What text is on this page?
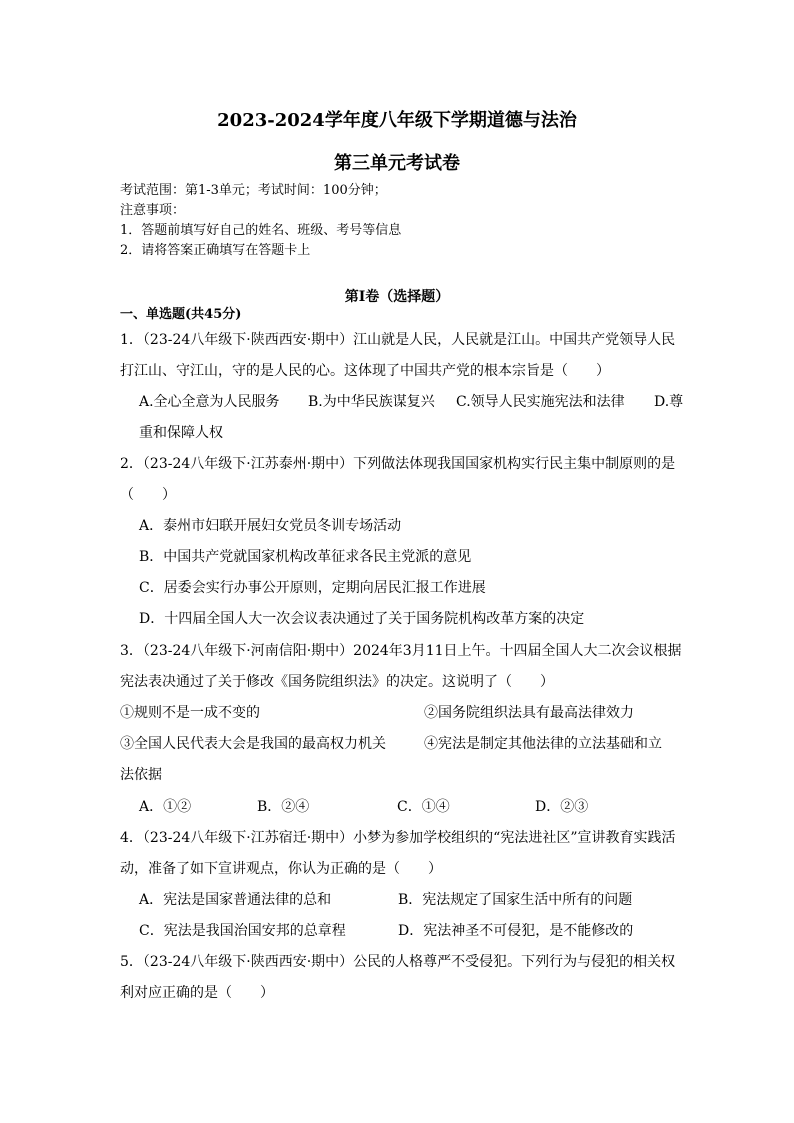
2023-2024学年度八年级下学期道德与法治
第三单元考试卷
考试范围：第1-3单元；考试时间：100分钟；
注意事项：
1．答题前填写好自己的姓名、班级、考号等信息
2．请将答案正确填写在答题卡上
第I卷（选择题）
一、单选题(共45分)
1．（23-24八年级下·陕西西安·期中）江山就是人民，人民就是江山。中国共产党领导人民
打江山、守江山，守的是人民的心。这体现了中国共产党的根本宗旨是（　　）
A.全心全意为人民服务 B.为中华民族谋复兴 C.领导人民实施宪法和法律 D.尊
重和保障人权
2．（23-24八年级下·江苏泰州·期中）下列做法体现我国国家机构实行民主集中制原则的是
（　　）
A．泰州市妇联开展妇女党员冬训专场活动
B．中国共产党就国家机构改革征求各民主党派的意见
C．居委会实行办事公开原则，定期向居民汇报工作进展
D．十四届全国人大一次会议表决通过了关于国务院机构改革方案的决定
3．（23-24八年级下·河南信阳·期中）2024年3月11日上午。十四届全国人大二次会议根据
宪法表决通过了关于修改《国务院组织法》的决定。这说明了（　　）
①规则不是一成不变的	②国务院组织法具有最高法律效力
③全国人民代表大会是我国的最高权力机关	④宪法是制定其他法律的立法基础和立
法依据
A．①②	B．②④	C．①④	D．②③
4．（23-24八年级下·江苏宿迁·期中）小梦为参加学校组织的“宪法进社区”宣讲教育实践活
动，准备了如下宣讲观点，你认为正确的是（　　）
A．宪法是国家普通法律的总和	B．宪法规定了国家生活中所有的问题
C．宪法是我国治国安邦的总章程	D．宪法神圣不可侵犯，是不能修改的
5．（23-24八年级下·陕西西安·期中）公民的人格尊严不受侵犯。下列行为与侵犯的相关权
利对应正确的是（　　）
